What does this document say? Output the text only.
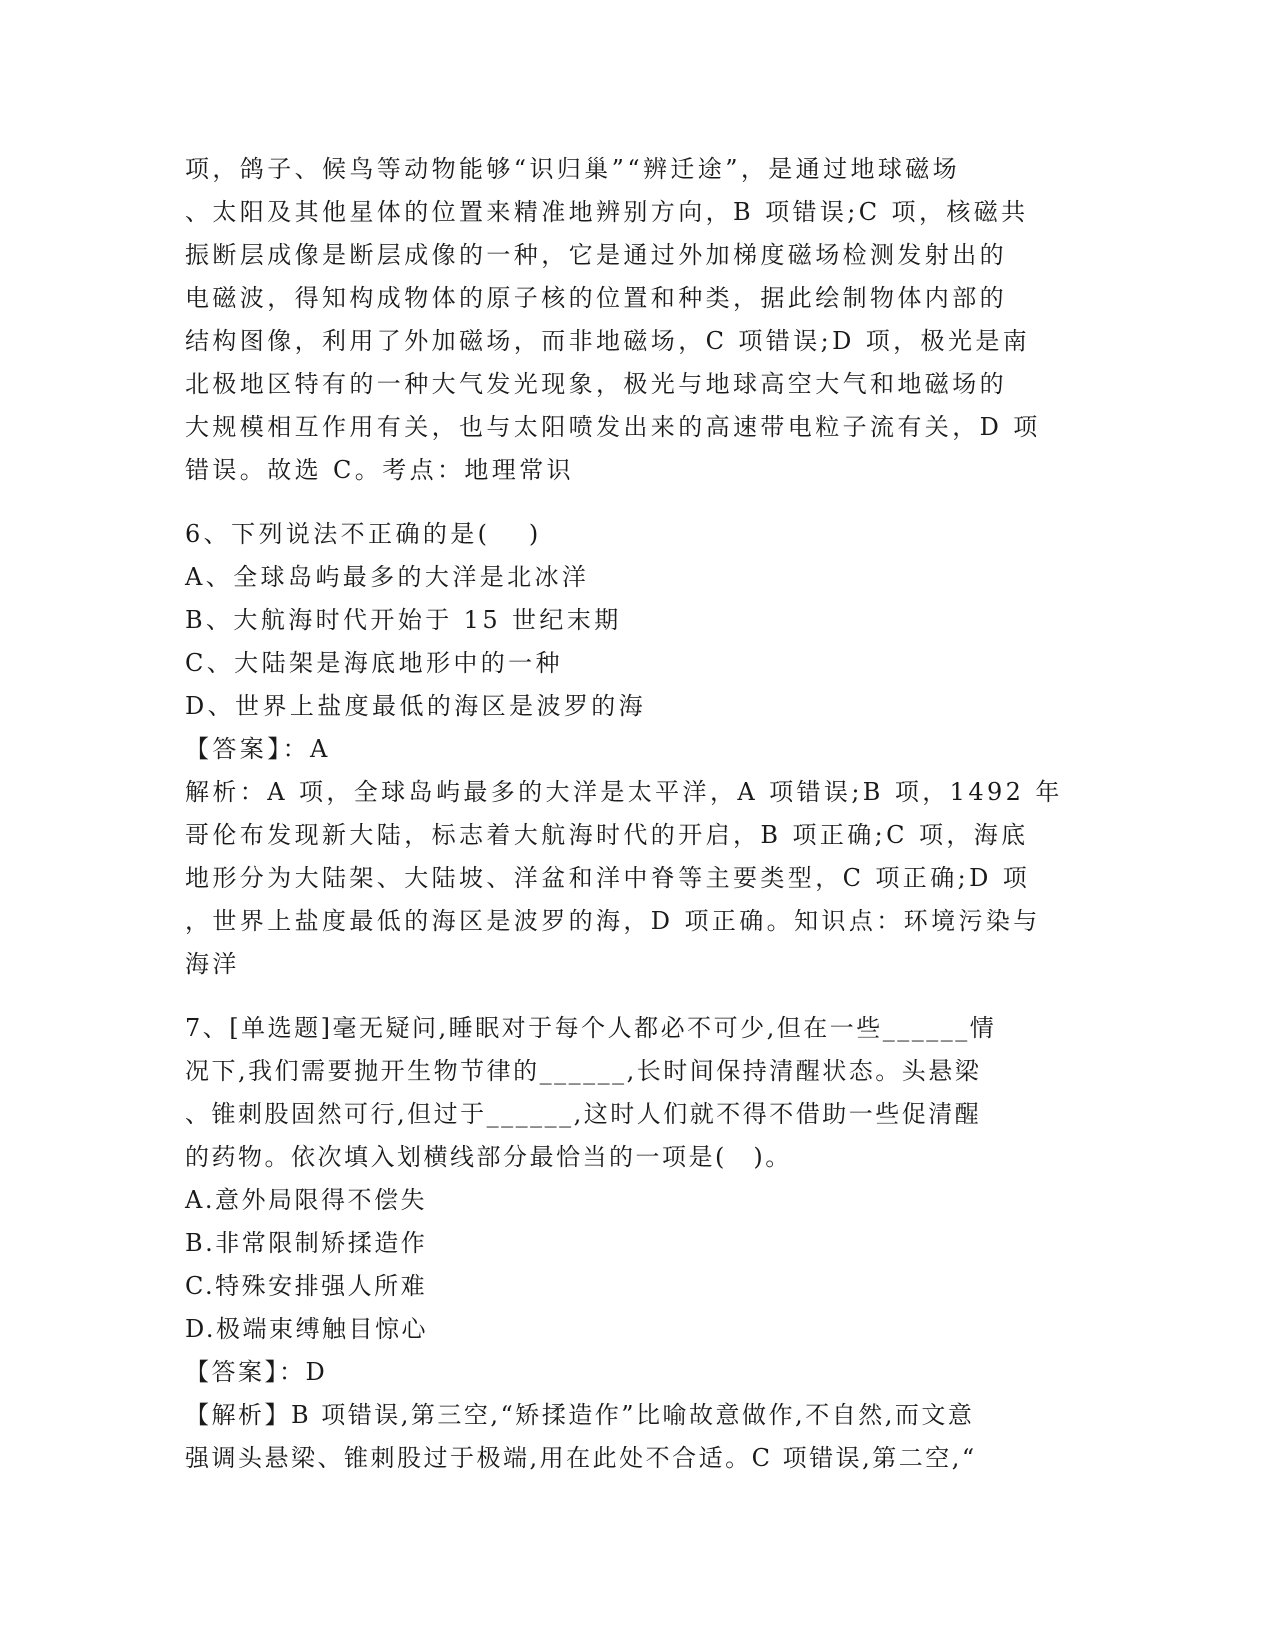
项，鸽子、候鸟等动物能够“识归巢”“辨迁途”，是通过地球磁场
、太阳及其他星体的位置来精准地辨别方向，B 项错误;C 项，核磁共
振断层成像是断层成像的一种，它是通过外加梯度磁场检测发射出的
电磁波，得知构成物体的原子核的位置和种类，据此绘制物体内部的
结构图像，利用了外加磁场，而非地磁场，C 项错误;D 项，极光是南
北极地区特有的一种大气发光现象，极光与地球高空大气和地磁场的
大规模相互作用有关，也与太阳喷发出来的高速带电粒子流有关，D 项
错误。故选 C。考点：地理常识
6、下列说法不正确的是(　 )
A、全球岛屿最多的大洋是北冰洋
B、大航海时代开始于 15 世纪末期
C、大陆架是海底地形中的一种
D、世界上盐度最低的海区是波罗的海
【答案】：A
解析：A 项，全球岛屿最多的大洋是太平洋，A 项错误;B 项，1492 年
哥伦布发现新大陆，标志着大航海时代的开启，B 项正确;C 项，海底
地形分为大陆架、大陆坡、洋盆和洋中脊等主要类型，C 项正确;D 项
，世界上盐度最低的海区是波罗的海，D 项正确。知识点：环境污染与
海洋
7、[单选题]毫无疑问,睡眠对于每个人都必不可少,但在一些______情
况下,我们需要抛开生物节律的______,长时间保持清醒状态。头悬梁
、锥刺股固然可行,但过于______,这时人们就不得不借助一些促清醒
的药物。依次填入划横线部分最恰当的一项是(　)。
A.意外局限得不偿失
B.非常限制矫揉造作
C.特殊安排强人所难
D.极端束缚触目惊心
【答案】：D
【解析】B 项错误,第三空,“矫揉造作”比喻故意做作,不自然,而文意
强调头悬梁、锥刺股过于极端,用在此处不合适。C 项错误,第二空,“
